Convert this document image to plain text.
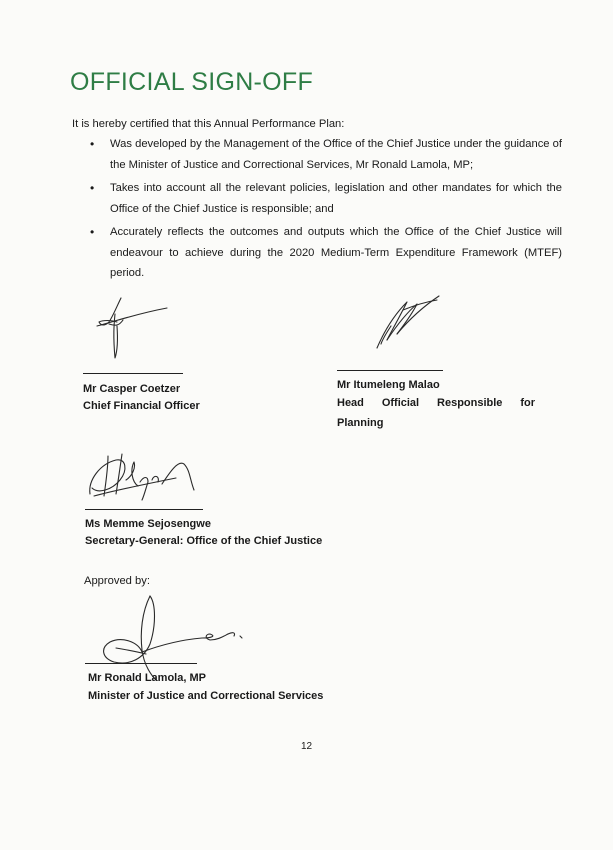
OFFICIAL SIGN-OFF
It is hereby certified that this Annual Performance Plan:
• Was developed by the Management of the Office of the Chief Justice under the guidance of the Minister of Justice and Correctional Services, Mr Ronald Lamola, MP;
• Takes into account all the relevant policies, legislation and other mandates for which the Office of the Chief Justice is responsible; and
• Accurately reflects the outcomes and outputs which the Office of the Chief Justice will endeavour to achieve during the 2020 Medium-Term Expenditure Framework (MTEF) period.
Mr Casper Coetzer
Chief Financial Officer
Mr Itumeleng Malao
Head Official Responsible for
Planning
Ms Memme Sejosengwe
Secretary-General: Office of the Chief Justice
Approved by:
Mr Ronald Lamola, MP
Minister of Justice and Correctional Services
12
